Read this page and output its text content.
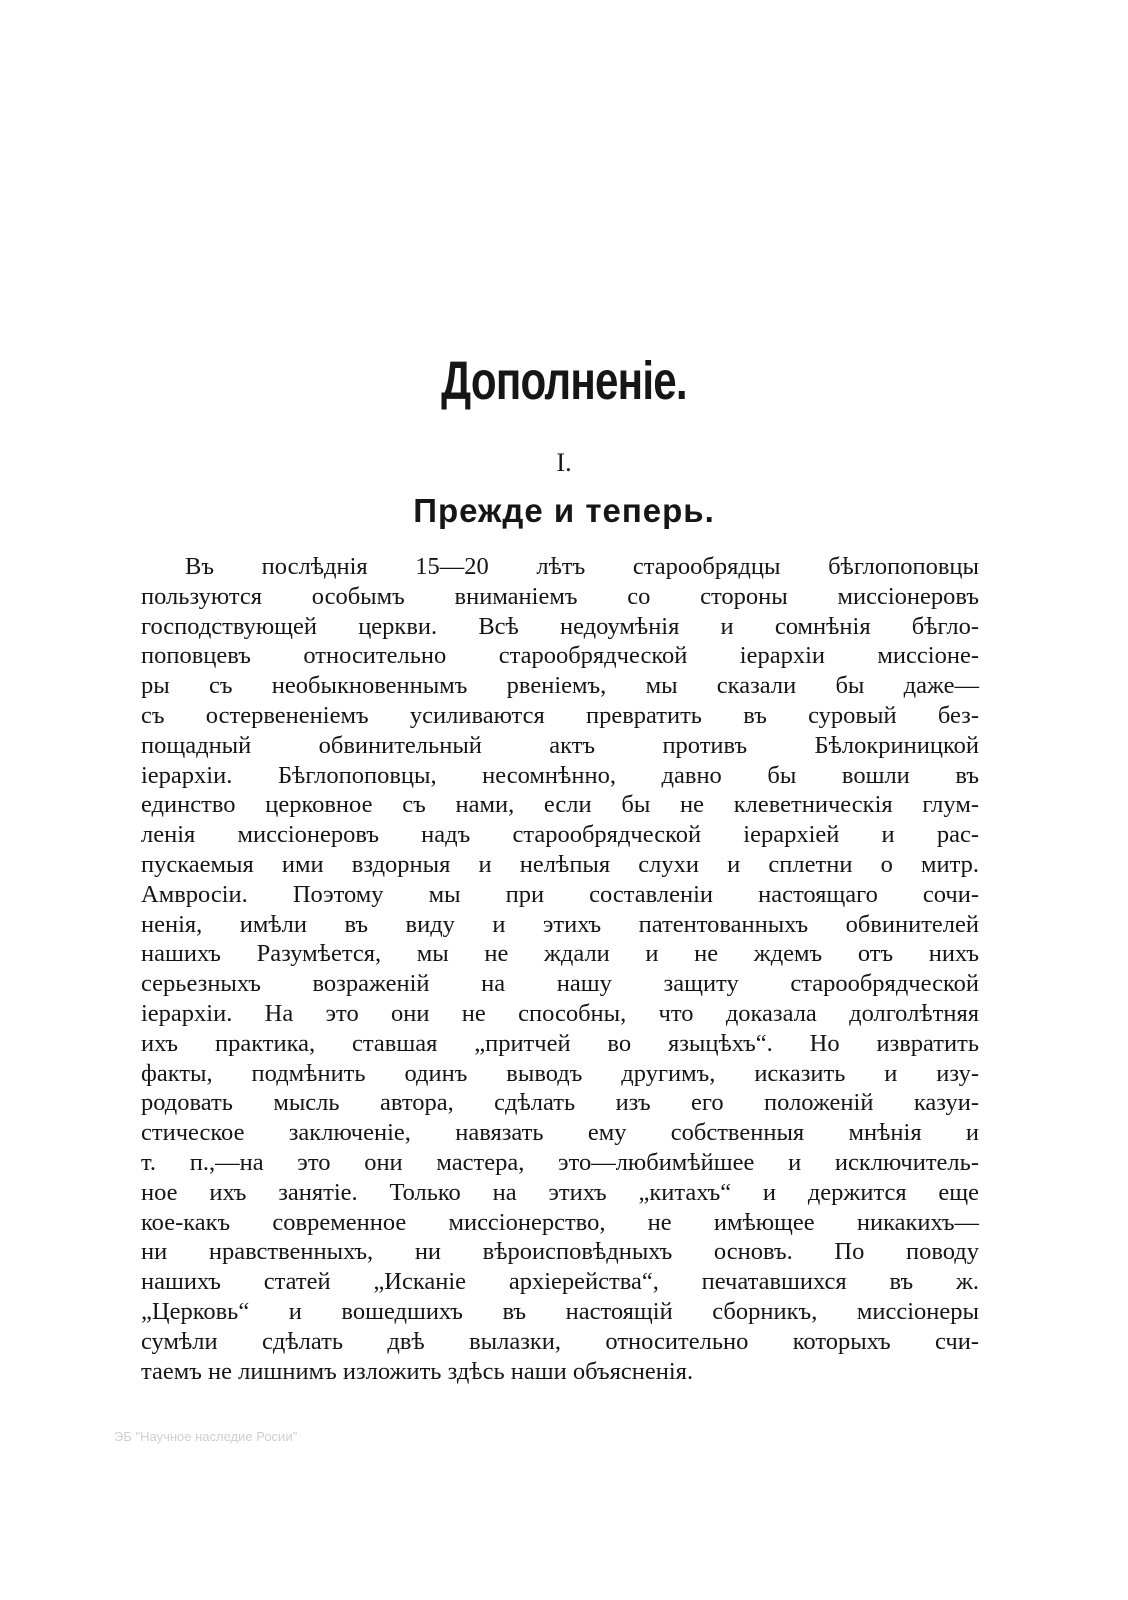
Дополненіе.
I.
Прежде и теперь.
Въ послѣднія 15—20 лѣтъ старообрядцы бѣглопоповцы
пользуются особымъ вниманіемъ со стороны миссіонеровъ
господствующей церкви. Всѣ недоумѣнія и сомнѣнія бѣгло-
поповцевъ относительно старообрядческой іерархіи миссіоне-
ры съ необыкновеннымъ рвеніемъ, мы сказали бы даже—
съ остервененіемъ усиливаются превратить въ суровый без-
пощадный обвинительный актъ противъ Бѣлокриницкой
іерархіи. Бѣглопоповцы, несомнѣнно, давно бы вошли въ
единство церковное съ нами, если бы не клеветническія глум-
ленія миссіонеровъ надъ старообрядческой іерархіей и рас-
пускаемыя ими вздорныя и нелѣпыя слухи и сплетни о митр.
Амвросіи. Поэтому мы при составленіи настоящаго сочи-
ненія, имѣли въ виду и этихъ патентованныхъ обвинителей
нашихъ Разумѣется, мы не ждали и не ждемъ отъ нихъ
серьезныхъ возраженій на нашу защиту старообрядческой
іерархіи. На это они не способны, что доказала долголѣтняя
ихъ практика, ставшая „притчей во языцѣхъ“. Но извратить
факты, подмѣнить одинъ выводъ другимъ, исказить и изу-
родовать мысль автора, сдѣлать изъ его положеній казуи-
стическое заключеніе, навязать ему собственныя мнѣнія и
т. п.,—на это они мастера, это—любимѣйшее и исключитель-
ное ихъ занятіе. Только на этихъ „китахъ“ и держится еще
кое-какъ современное миссіонерство, не имѣющее никакихъ—
ни нравственныхъ, ни вѣроисповѣдныхъ основъ. По поводу
нашихъ статей „Исканіе архіерейства“, печатавшихся въ ж.
„Церковь“ и вошедшихъ въ настоящій сборникъ, миссіонеры
сумѣли сдѣлать двѣ вылазки, относительно которыхъ счи-
таемъ не лишнимъ изложить здѣсь наши объясненія.
ЭБ "Научное наследие Росии"
